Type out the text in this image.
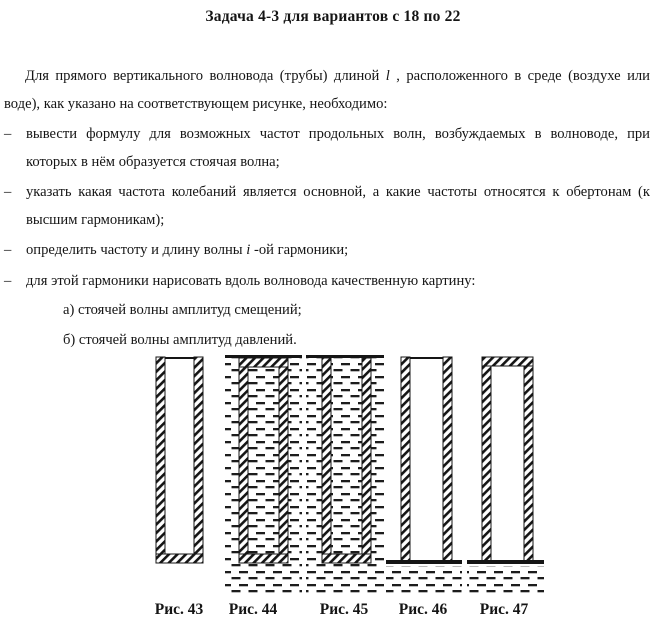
Задача 4-3 для вариантов с 18 по 22

Для прямого вертикального волновода (трубы) длиной l , расположенного в среде (воздухе или воде), как указано на соответствующем рисунке, необходимо:

– вывести формулу для возможных частот продольных волн, возбуждаемых в волноводе, при которых в нём образуется стоячая волна;
– указать какая частота колебаний является основной, а какие частоты относятся к обертонам (к высшим гармоникам);
– определить частоту и длину волны i -ой гармоники;
– для этой гармоники нарисовать вдоль волновода качественную картину:
а) стоячей волны амплитуд смещений;
б) стоячей волны амплитуд давлений.
Рис. 43 Рис. 44	Рис. 45 Рис. 46 Рис. 47
